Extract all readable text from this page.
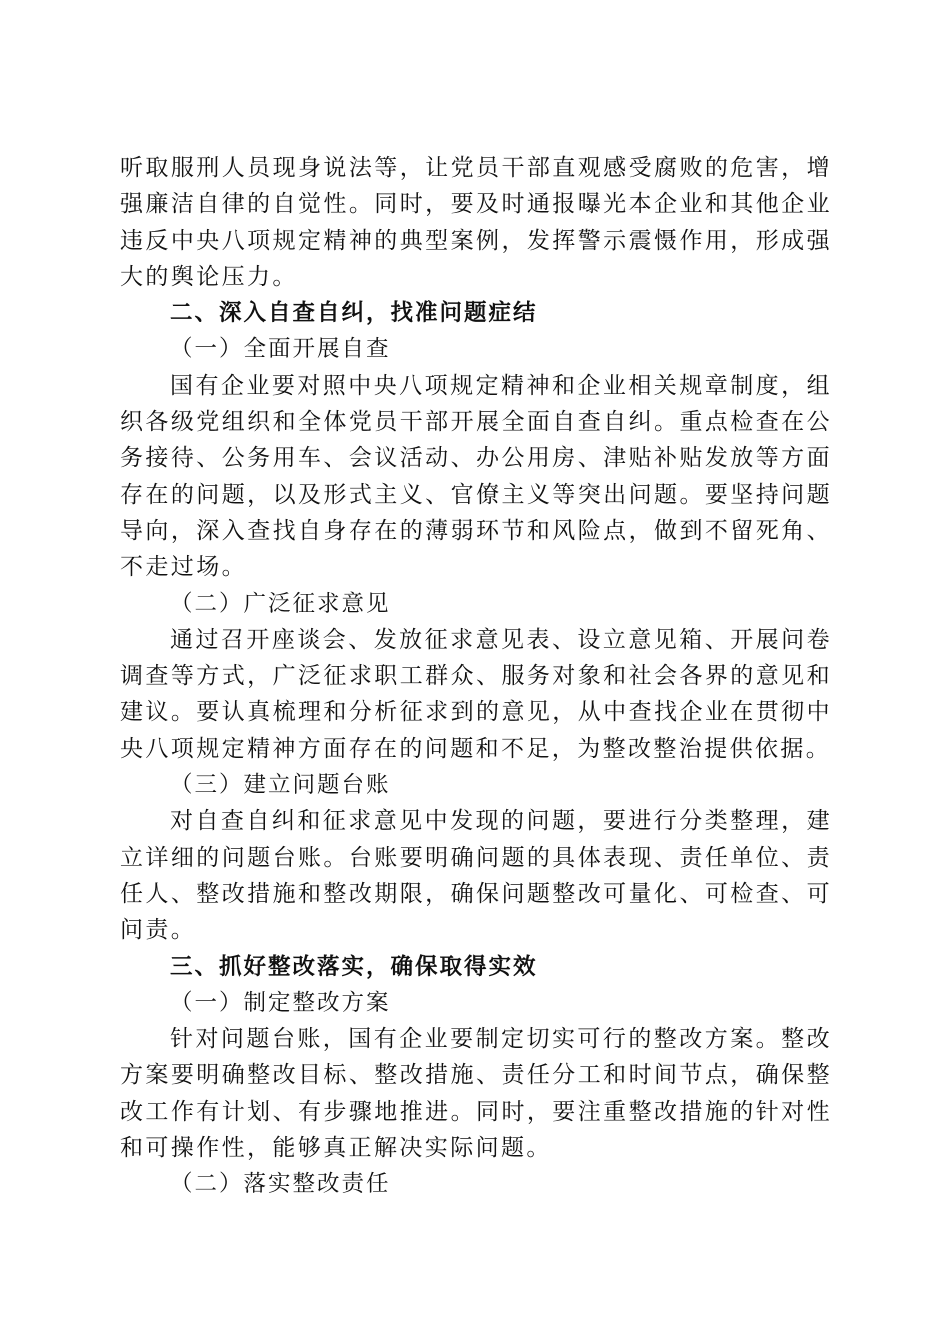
听取服刑人员现身说法等，让党员干部直观感受腐败的危害，增强廉洁自律的自觉性。同时，要及时通报曝光本企业和其他企业违反中央八项规定精神的典型案例，发挥警示震慑作用，形成强大的舆论压力。

二、深入自查自纠，找准问题症结

（一）全面开展自查

国有企业要对照中央八项规定精神和企业相关规章制度，组织各级党组织和全体党员干部开展全面自查自纠。重点检查在公务接待、公务用车、会议活动、办公用房、津贴补贴发放等方面存在的问题，以及形式主义、官僚主义等突出问题。要坚持问题导向，深入查找自身存在的薄弱环节和风险点，做到不留死角、不走过场。

（二）广泛征求意见

通过召开座谈会、发放征求意见表、设立意见箱、开展问卷调查等方式，广泛征求职工群众、服务对象和社会各界的意见和建议。要认真梳理和分析征求到的意见，从中查找企业在贯彻中央八项规定精神方面存在的问题和不足，为整改整治提供依据。

（三）建立问题台账

对自查自纠和征求意见中发现的问题，要进行分类整理，建立详细的问题台账。台账要明确问题的具体表现、责任单位、责任人、整改措施和整改期限，确保问题整改可量化、可检查、可问责。

三、抓好整改落实，确保取得实效

（一）制定整改方案

针对问题台账，国有企业要制定切实可行的整改方案。整改方案要明确整改目标、整改措施、责任分工和时间节点，确保整改工作有计划、有步骤地推进。同时，要注重整改措施的针对性和可操作性，能够真正解决实际问题。

（二）落实整改责任
